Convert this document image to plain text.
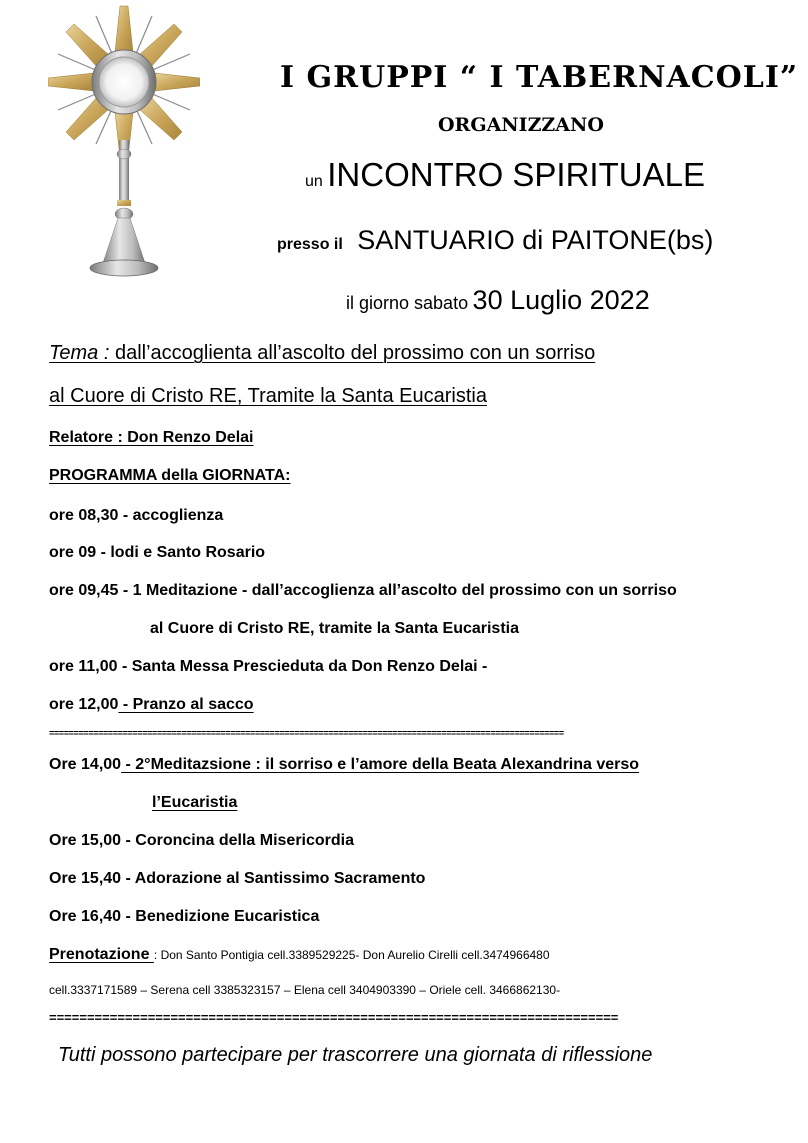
I GRUPPI “ I TABERNACOLI”
ORGANIZZANO
un INCONTRO SPIRITUALE
presso il SANTUARIO di PAITONE(bs)
il giorno sabato 30 Luglio 2022
Tema : dall’accoglienta all’ascolto del prossimo con un sorriso
al Cuore di Cristo RE, Tramite la Santa Eucaristia
Relatore : Don Renzo Delai
PROGRAMMA della GIORNATA:
ore 08,30 - accoglienza
ore 09 - lodi e Santo Rosario
ore 09,45 - 1 Meditazione - dall’accoglienza all’ascolto del prossimo con un sorriso
al Cuore di Cristo RE, tramite la Santa Eucaristia
ore 11,00 - Santa Messa Prescieduta da Don Renzo Delai -
ore 12,00 - Pranzo al sacco
=========================================================================================================
Ore 14,00 - 2°Meditazsione : il sorriso e l’amore della Beata Alexandrina verso
l’Eucaristia
Ore 15,00 - Coroncina della Misericordia
Ore 15,40 - Adorazione al Santissimo Sacramento
Ore 16,40 - Benedizione Eucaristica
Prenotazione : Don Santo Pontigia cell.3389529225- Don Aurelio Cirelli cell.3474966480
cell.3337171589 – Serena cell 3385323157 – Elena cell 3404903390 – Oriele cell. 3466862130-
===========================================================================
Tutti possono partecipare per trascorrere una giornata di riflessione
